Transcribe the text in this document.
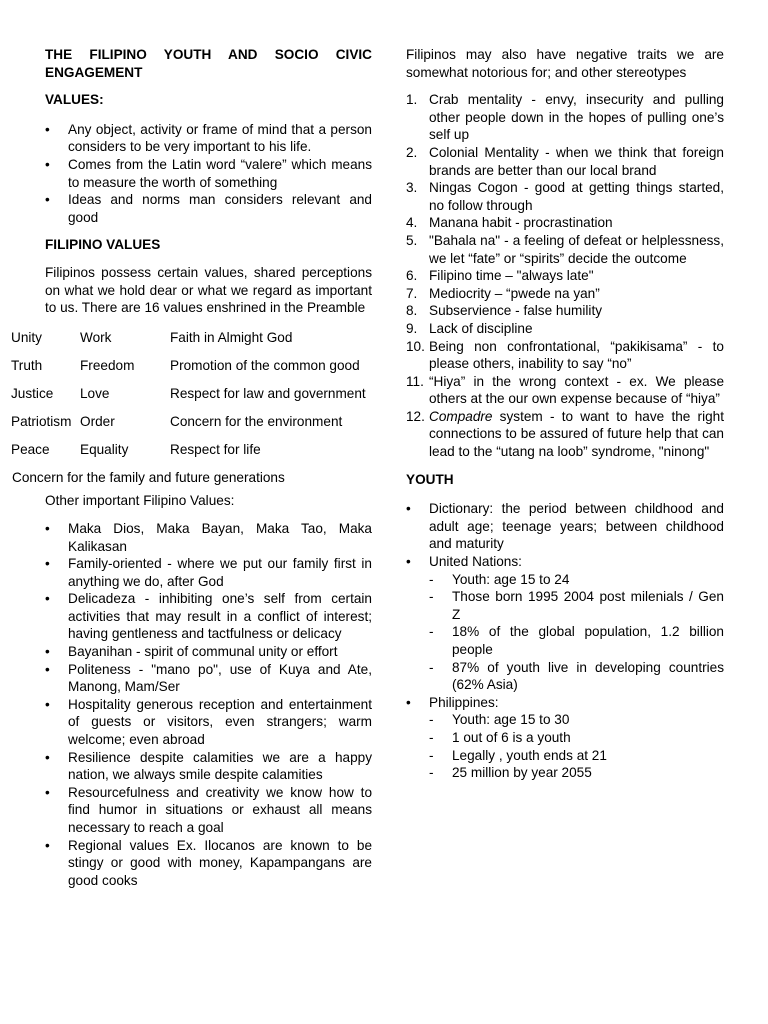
THE FILIPINO YOUTH AND SOCIO CIVIC ENGAGEMENT
VALUES:
• Any object, activity or frame of mind that a person considers to be very important to his life.
• Comes from the Latin word “valere” which means to measure the worth of something
• Ideas and norms man considers relevant and good
FILIPINO VALUES

Filipinos possess certain values, shared perceptions on what we hold dear or what we regard as important to us. There are 16 values enshrined in the Preamble

Unity	Work	Faith in Almight God
Truth	Freedom	Promotion of the common good
Justice	Love	Respect for law and government
Patriotism	Order	Concern for the environment
Peace	Equality	Respect for life
Concern for the family and future generations
Other important Filipino Values:
• Maka Dios, Maka Bayan, Maka Tao, Maka Kalikasan
• Family-oriented - where we put our family first in anything we do, after God
• Delicadeza - inhibiting one’s self from certain activities that may result in a conflict of interest; having gentleness and tactfulness or delicacy
• Bayanihan - spirit of communal unity or effort
• Politeness - "mano po", use of Kuya and Ate, Manong, Mam/Ser
• Hospitality generous reception and entertainment of guests or visitors, even strangers; warm welcome; even abroad
• Resilience despite calamities we are a happy nation, we always smile despite calamities
• Resourcefulness and creativity we know how to find humor in situations or exhaust all means necessary to reach a goal
• Regional values Ex. Ilocanos are known to be stingy or good with money, Kapampangans are good cooks

Filipinos may also have negative traits we are somewhat notorious for; and other stereotypes

1. Crab mentality - envy, insecurity and pulling other people down in the hopes of pulling one’s self up
2. Colonial Mentality - when we think that foreign brands are better than our local brand
3. Ningas Cogon - good at getting things started, no follow through
4. Manana habit - procrastination
5. "Bahala na" - a feeling of defeat or helplessness, we let “fate” or “spirits” decide the outcome
6. Filipino time – "always late"
7. Mediocrity – “pwede na yan”
8. Subservience - false humility
9. Lack of discipline
10. Being non confrontational, “pakikisama” - to please others, inability to say “no”
11. “Hiya” in the wrong context - ex. We please others at the our own expense because of “hiya”
12. Compadre system - to want to have the right connections to be assured of future help that can lead to the “utang na loob” syndrome, "ninong"
YOUTH
• Dictionary: the period between childhood and adult age; teenage years; between childhood and maturity
• United Nations:
- Youth: age 15 to 24
- Those born 1995 2004 post milenials / Gen Z
- 18% of the global population, 1.2 billion people
- 87% of youth live in developing countries (62% Asia)
• Philippines:
- Youth: age 15 to 30
- 1 out of 6 is a youth
- Legally , youth ends at 21
- 25 million by year 2055
